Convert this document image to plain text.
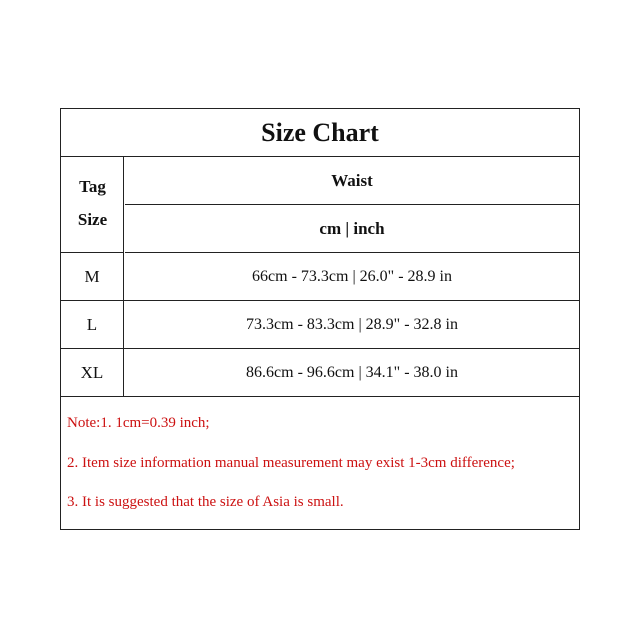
Size Chart
Tag
Size
Waist
cm | inch
M	66cm - 73.3cm | 26.0" - 28.9 in
L	73.3cm - 83.3cm | 28.9" - 32.8 in
XL	86.6cm - 96.6cm | 34.1" - 38.0 in
Note:1. 1cm=0.39 inch;
2. Item size information manual measurement may exist 1-3cm difference;
3. It is suggested that the size of Asia is small.
